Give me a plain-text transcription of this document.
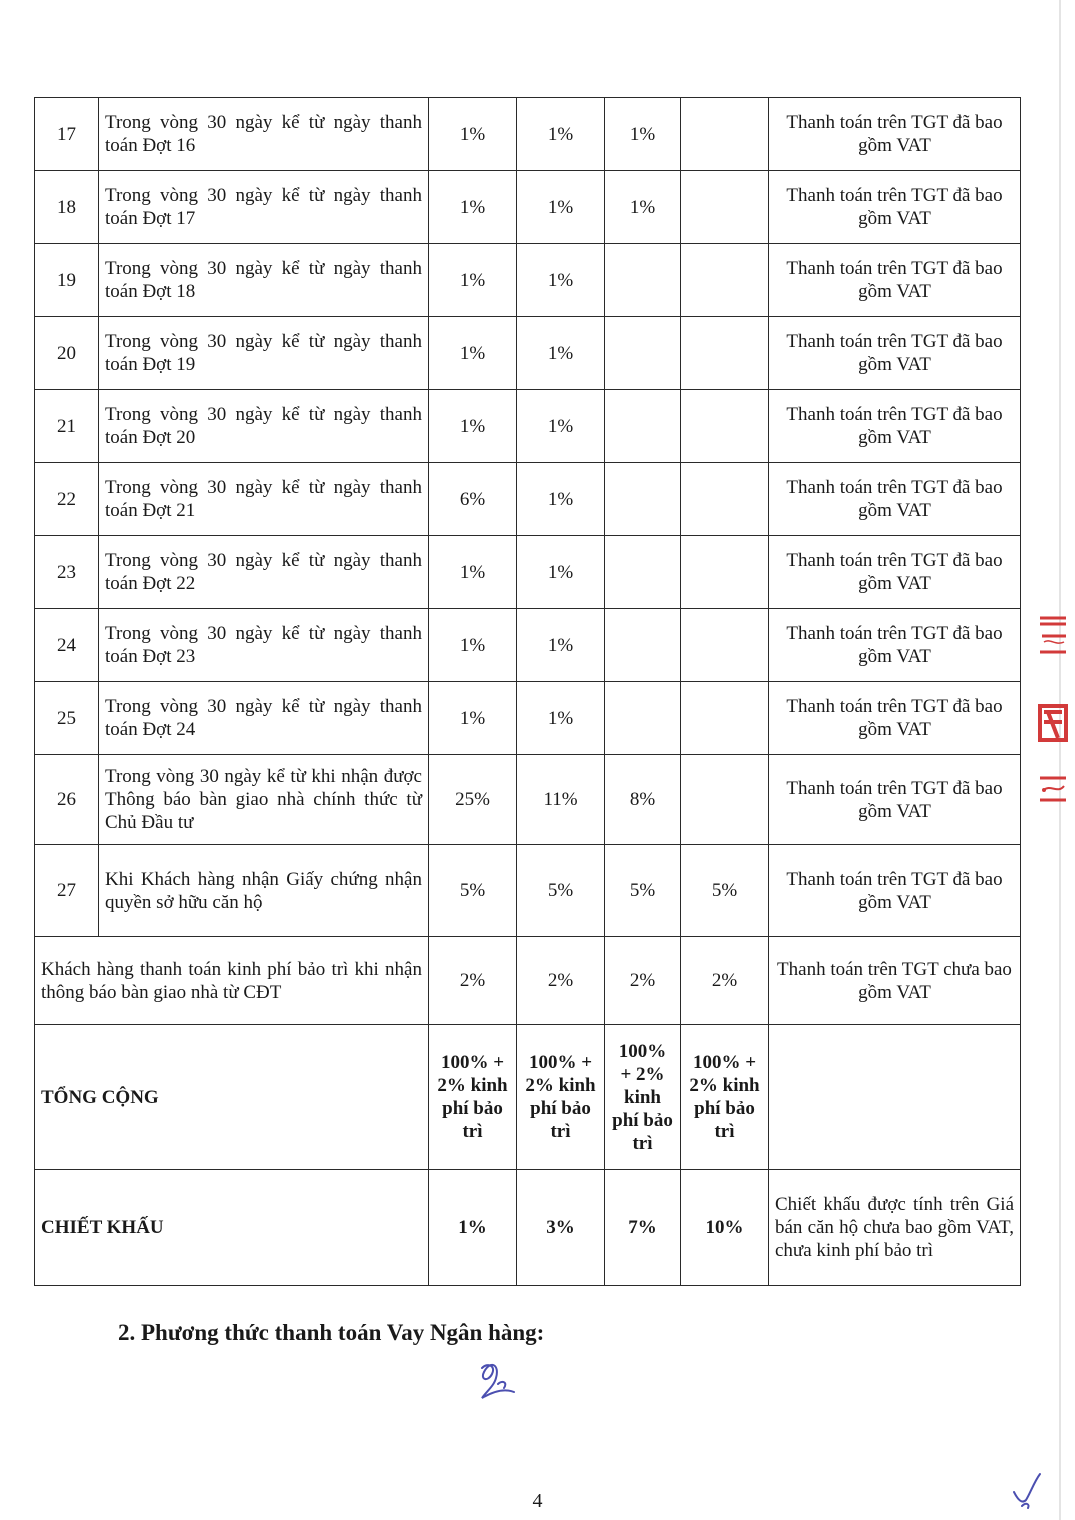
17	Trong vòng 30 ngày kể từ ngày thanh toán Đợt 16	1%	1%	1%		Thanh toán trên TGT đã bao gồm VAT
18	Trong vòng 30 ngày kể từ ngày thanh toán Đợt 17	1%	1%	1%		Thanh toán trên TGT đã bao gồm VAT
19	Trong vòng 30 ngày kể từ ngày thanh toán Đợt 18	1%	1%			Thanh toán trên TGT đã bao gồm VAT
20	Trong vòng 30 ngày kể từ ngày thanh toán Đợt 19	1%	1%			Thanh toán trên TGT đã bao gồm VAT
21	Trong vòng 30 ngày kể từ ngày thanh toán Đợt 20	1%	1%			Thanh toán trên TGT đã bao gồm VAT
22	Trong vòng 30 ngày kể từ ngày thanh toán Đợt 21	6%	1%			Thanh toán trên TGT đã bao gồm VAT
23	Trong vòng 30 ngày kể từ ngày thanh toán Đợt 22	1%	1%			Thanh toán trên TGT đã bao gồm VAT
24	Trong vòng 30 ngày kể từ ngày thanh toán Đợt 23	1%	1%			Thanh toán trên TGT đã bao gồm VAT
25	Trong vòng 30 ngày kể từ ngày thanh toán Đợt 24	1%	1%			Thanh toán trên TGT đã bao gồm VAT
26	Trong vòng 30 ngày kể từ khi nhận được Thông báo bàn giao nhà chính thức từ Chủ Đầu tư	25%	11%	8%		Thanh toán trên TGT đã bao gồm VAT
27	Khi Khách hàng nhận Giấy chứng nhận quyền sở hữu căn hộ	5%	5%	5%	5%	Thanh toán trên TGT đã bao gồm VAT
Khách hàng thanh toán kinh phí bảo trì khi nhận thông báo bàn giao nhà từ CĐT		2%	2%	2%	2%	Thanh toán trên TGT chưa bao gồm VAT
TỔNG CỘNG		100% + 2% kinh phí bảo trì	100% + 2% kinh phí bảo trì	100% + 2% kinh phí bảo trì	100% + 2% kinh phí bảo trì	
CHIẾT KHẤU		1%	3%	7%	10%	Chiết khấu được tính trên Giá bán căn hộ chưa bao gồm VAT, chưa kinh phí bảo trì
2. Phương thức thanh toán Vay Ngân hàng:
4
